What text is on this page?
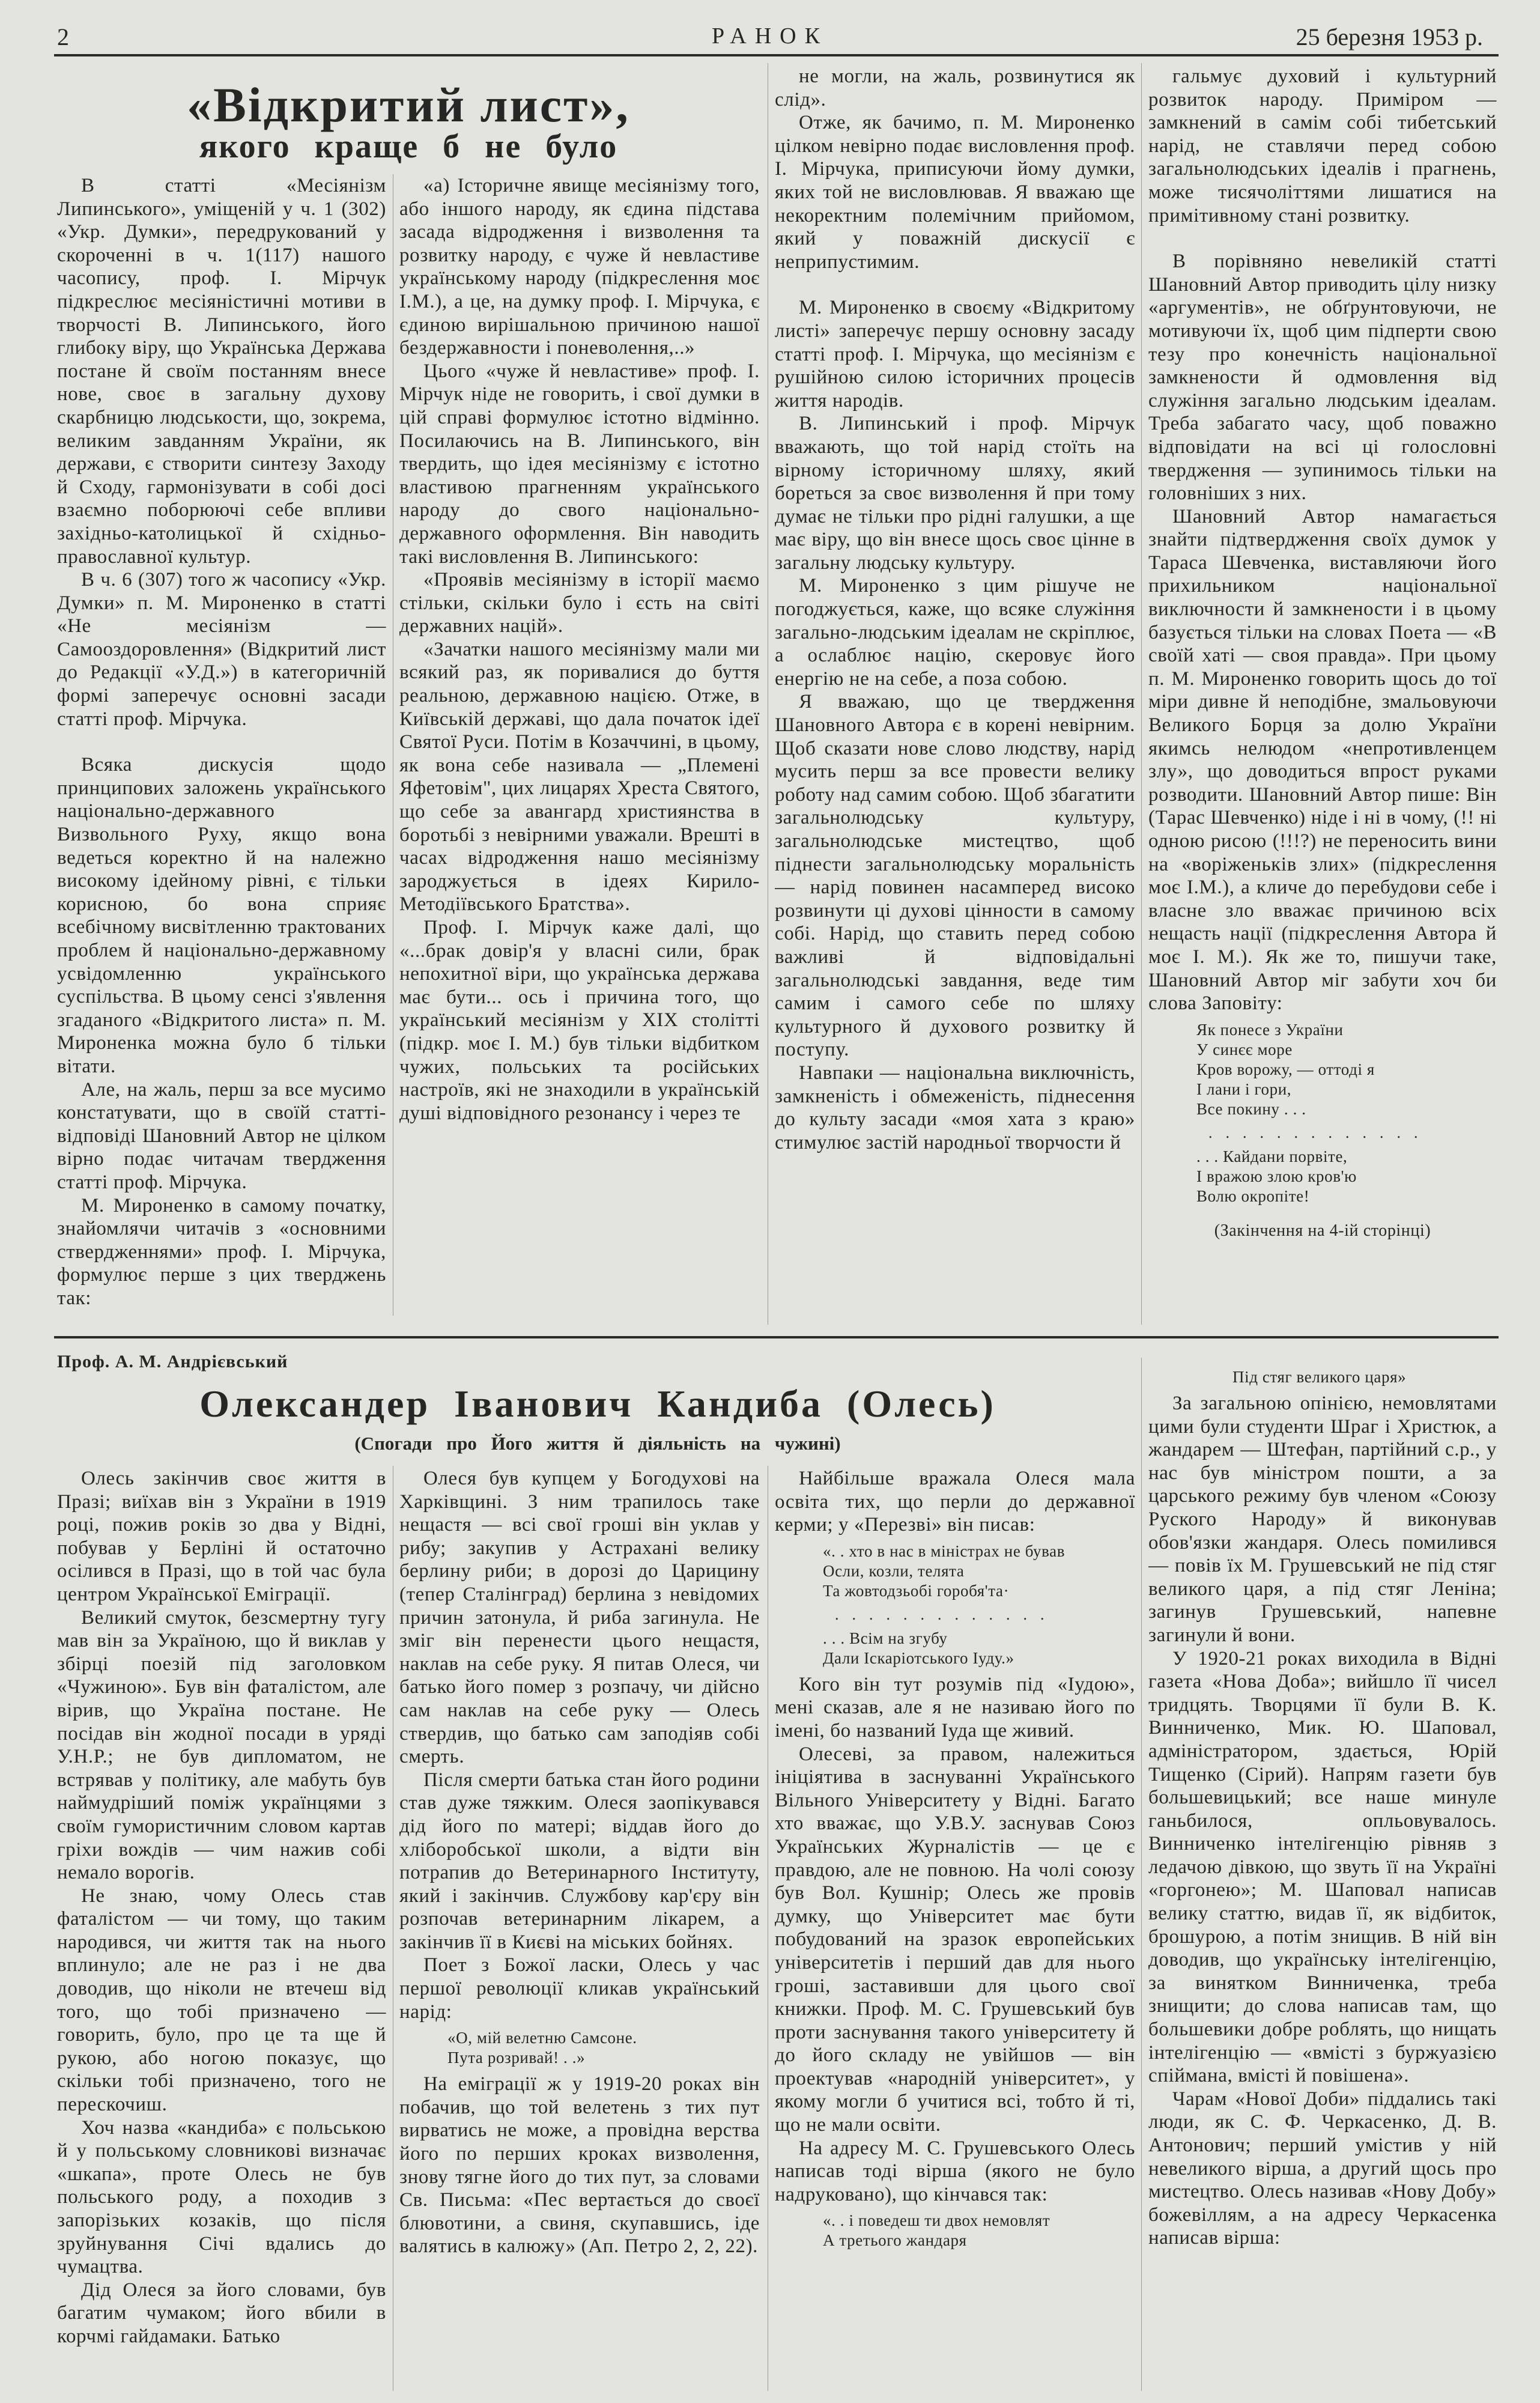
2	РАНОК	25 березня 1953 р.
«Відкритий лист»,
якого краще б не було

В статті «Месіянізм Липинського», уміщеній у ч. 1 (302) «Укр. Думки», передрукований у скороченні в ч. 1(117) нашого часопису, проф. І. Мірчук підкреслює месіяністичні мотиви в творчості В. Липинського, його глибоку віру, що Українська Держава постане й своїм постанням внесе нове, своє в загальну духову скарбницю людськости, що, зокрема, великим завданням України, як держави, є створити синтезу Заходу й Сходу, гармонізувати в собі досі взаємно поборюючі себе впливи західньо-католицької й східньо-православної культур.

В ч. 6 (307) того ж часопису «Укр. Думки» п. М. Мироненко в статті «Не месіянізм — Самооздоровлення» (Відкритий лист до Редакції «У.Д.») в категоричній формі заперечує основні засади статті проф. Мірчука.

Всяка дискусія щодо принципових заложень українського національно-державного Визвольного Руху, якщо вона ведеться коректно й на належно високому ідейному рівні, є тільки корисною, бо вона сприяє всебічному висвітленню трактованих проблем й національно-державному усвідомленню українського суспільства. В цьому сенсі з'явлення згаданого «Відкритого листа» п. М. Мироненка можна було б тільки вітати.

Але, на жаль, перш за все мусимо констатувати, що в своїй статті-відповіді Шановний Автор не цілком вірно подає читачам твердження статті проф. Мірчука.

М. Мироненко в самому початку, знайомлячи читачів з «основними ствердженнями» проф. І. Мірчука, формулює перше з цих тверджень так:

«а) Історичне явище месіянізму того, або іншого народу, як єдина підстава засада відродження і визволення та розвитку народу, є чуже й невластиве українському народу (підкреслення моє І.М.), а це, на думку проф. І. Мірчука, є єдиною вирішальною причиною нашої бездержавности і поневолення,..»

Цього «чуже й невластиве» проф. І. Мірчук ніде не говорить, і свої думки в цій справі формулює істотно відмінно. Посилаючись на В. Липинського, він твердить, що ідея месіянізму є істотно властивою прагненням українського народу до свого національно-державного оформлення. Він наводить такі висловлення В. Липинського:

«Проявів месіянізму в історії маємо стільки, скільки було і єсть на світі державних націй».

«Зачатки нашого месіянізму мали ми всякий раз, як поривалися до буття реальною, державною нацією. Отже, в Київській державі, що дала початок ідеї Святої Руси. Потім в Козаччині, в цьому, як вона себе називала — „Племені Яфетовім", цих лицарях Хреста Святого, що себе за авангард християнства в боротьбі з невірними уважали. Врешті в часах відродження нашо месіянізму зароджується в ідеях Кирило-Методіївського Братства».

Проф. І. Мірчук каже далі, що «...брак довір'я у власні сили, брак непохитної віри, що українська держава має бути... ось і причина того, що український месіянізм у XIX столітті (підкр. моє І. М.) був тільки відбитком чужих, польських та російських настроїв, які не знаходили в українській душі відповідного резонансу і через те

не могли, на жаль, розвинутися як слід».

Отже, як бачимо, п. М. Мироненко цілком невірно подає висловлення проф. І. Мірчука, приписуючи йому думки, яких той не висловлював. Я вважаю ще некоректним полемічним прийомом, який у поважній дискусії є неприпустимим.

М. Мироненко в своєму «Відкритому листі» заперечує першу основну засаду статті проф. І. Мірчука, що месіянізм є рушійною силою історичних процесів життя народів.

В. Липинський і проф. Мірчук вважають, що той нарід стоїть на вірному історичному шляху, який бореться за своє визволення й при тому думає не тільки про рідні галушки, а ще має віру, що він внесе щось своє цінне в загальну людську культуру.

М. Мироненко з цим рішуче не погоджується, каже, що всяке служіння загально-людським ідеалам не скріплює, а ослаблює націю, скеровує його енергію не на себе, а поза собою.

Я вважаю, що це твердження Шановного Автора є в корені невірним. Щоб сказати нове слово людству, нарід мусить перш за все провести велику роботу над самим собою. Щоб збагатити загальнолюдську культуру, загальнолюдське мистецтво, щоб піднести загальнолюдську моральність — нарід повинен насамперед високо розвинути ці духові цінности в самому собі. Нарід, що ставить перед собою важливі й відповідальні загальнолюдські завдання, веде тим самим і самого себе по шляху культурного й духового розвитку й поступу.

Навпаки — національна виключність, замкненість і обмеженість, піднесення до культу засади «моя хата з краю» стимулює застій народньої творчости й

гальмує духовий і культурний розвиток народу. Приміром — замкнений в самім собі тибетський нарід, не ставлячи перед собою загальнолюдських ідеалів і прагнень, може тисячоліттями лишатися на примітивному стані розвитку.

В порівняно невеликій статті Шановний Автор приводить цілу низку «аргументів», не обґрунтовуючи, не мотивуючи їх, щоб цим підперти свою тезу про конечність національної замкнености й одмовлення від служіння загально людським ідеалам. Треба забагато часу, щоб поважно відповідати на всі ці голословні твердження — зупинимось тільки на головніших з них.

Шановний Автор намагається знайти підтвердження своїх думок у Тараса Шевченка, виставляючи його прихильником національної виключности й замкнености і в цьому базується тільки на словах Поета — «В своїй хаті — своя правда». При цьому п. М. Мироненко говорить щось до тої міри дивне й неподібне, змальовуючи Великого Борця за долю України якимсь нелюдом «непротивленцем злу», що доводиться впрост руками розводити. Шановний Автор пише: Він (Тарас Шевченко) ніде і ні в чому, (!! ні одною рисою (!!!?) не переносить вини на «воріженьків злих» (підкреслення моє І.М.), а кличе до перебудови себе і власне зло вважає причиною всіх нещасть нації (підкреслення Автора й моє І. М.). Як же то, пишучи таке, Шановний Автор міг забути хоч би слова Заповіту:

Як понесе з України
У синєє море
Кров ворожу, — оттоді я
І лани і гори,
Все покину . . .
.............
. . . Кайдани порвіте,
І вражою злою кров'ю
Волю окропіте!

(Закінчення на 4-ій сторінці)

Проф. А. М. Андрієвський
Олександер Іванович Кандиба (Олесь)
(Спогади про Його життя й діяльність на чужині)

Олесь закінчив своє життя в Празі; виїхав він з України в 1919 році, пожив років зо два у Відні, побував у Берліні й остаточно осілився в Празі, що в той час була центром Української Еміграції.

Великий смуток, безсмертну тугу мав він за Україною, що й виклав у збірці поезій під заголовком «Чужиною». Був він фаталістом, але вірив, що Україна постане. Не посідав він жодної посади в уряді У.Н.Р.; не був дипломатом, не встрявав у політику, але мабуть був наймудріший поміж українцями з своїм гумористичним словом картав гріхи вождів — чим нажив собі немало ворогів.

Не знаю, чому Олесь став фаталістом — чи тому, що таким народився, чи життя так на нього вплинуло; але не раз і не два доводив, що ніколи не втечеш від того, що тобі призначено — говорить, було, про це та ще й рукою, або ногою показує, що скільки тобі призначено, того не перескочиш.

Хоч назва «кандиба» є польською й у польському словникові визначає «шкапа», проте Олесь не був польського роду, а походив з запорізьких козаків, що після зруйнування Січі вдались до чумацтва.

Дід Олеся за його словами, був багатим чумаком; його вбили в корчмі гайдамаки. Батько

Олеся був купцем у Богодухові на Харківщині. З ним трапилось таке нещастя — всі свої гроші він уклав у рибу; закупив у Астрахані велику берлину риби; в дорозі до Царицину (тепер Сталінград) берлина з невідомих причин затонула, й риба загинула. Не зміг він перенести цього нещастя, наклав на себе руку. Я питав Олеся, чи батько його помер з розпачу, чи дійсно сам наклав на себе руку — Олесь ствердив, що батько сам заподіяв собі смерть.

Після смерти батька стан його родини став дуже тяжким. Олеся заопікувався дід його по матері; віддав його до хліборобської школи, а відти він потрапив до Ветеринарного Інституту, який і закінчив. Службову кар'єру він розпочав ветеринарним лікарем, а закінчив її в Києві на міських бойнях.

Поет з Божої ласки, Олесь у час першої революції кликав український нарід:

«О, мій велетню Самсоне.
Пута розривай! . .»

На еміграції ж у 1919-20 роках він побачив, що той велетень з тих пут вирватись не може, а провідна верства його по перших кроках визволення, знову тягне його до тих пут, за словами Св. Письма: «Пес вертається до своєї блювотини, а свиня, скупавшись, іде валятись в калюжу» (Ап. Петро 2, 2, 22).

Найбільше вражала Олеся мала освіта тих, що перли до державної керми; у «Перезві» він писав:

«. . хто в нас в міністрах не бував
Осли, козли, телята
Та жовтодзьобі горобя'та·
.............
. . . Всім на згубу
Дали Іскаріотського Іуду.»

Кого він тут розумів під «Іудою», мені сказав, але я не називаю його по імені, бо названий Іуда ще живий.

Олесеві, за правом, належиться ініціятива в заснуванні Українського Вільного Університету у Відні. Багато хто вважає, що У.В.У. заснував Союз Українських Журналістів — це є правдою, але не повною. На чолі союзу був Вол. Кушнір; Олесь же провів думку, що Університет має бути побудований на зразок европейських університетів і перший дав для нього гроші, заставивши для цього свої книжки. Проф. М. С. Грушевський був проти заснування такого університету й до його складу не увійшов — він проектував «народній університет», у якому могли б учитися всі, тобто й ті, що не мали освіти.

На адресу М. С. Грушевського Олесь написав тоді вірша (якого не було надруковано), що кінчався так:

«. . і поведеш ти двох немовлят
А третього жандаря
Під стяг великого царя»

За загальною опінією, немовлятами цими були студенти Шраг і Христюк, а жандарем — Штефан, партійний с.р., у нас був міністром пошти, а за царського режиму був членом «Союзу Руского Народу» й виконував обов'язки жандаря. Олесь помилився — повів їх М. Грушевський не під стяг великого царя, а під стяг Леніна; загинув Грушевський, напевне загинули й вони.

У 1920-21 роках виходила в Відні газета «Нова Доба»; вийшло її чисел тридцять. Творцями її були В. К. Винниченко, Мик. Ю. Шаповал, адміністратором, здається, Юрій Тищенко (Сірий). Напрям газети був большевицький; все наше минуле ганьбилося, опльовувалось. Винниченко інтелігенцію рівняв з ледачою дівкою, що звуть її на Україні «горгонею»; М. Шаповал написав велику статтю, видав її, як відбиток, брошурою, а потім знищив. В ній він доводив, що українську інтелігенцію, за винятком Винниченка, треба знищити; до слова написав там, що большевики добре роблять, що нищать інтелігенцію — «вмісті з буржуазією спіймана, вмісті й повішена».

Чарам «Нової Доби» піддались такі люди, як С. Ф. Черкасенко, Д. В. Антонович; перший умістив у ній невеликого вірша, а другий щось про мистецтво. Олесь називав «Нову Добу» божевіллям, а на адресу Черкасенка написав вірша:
